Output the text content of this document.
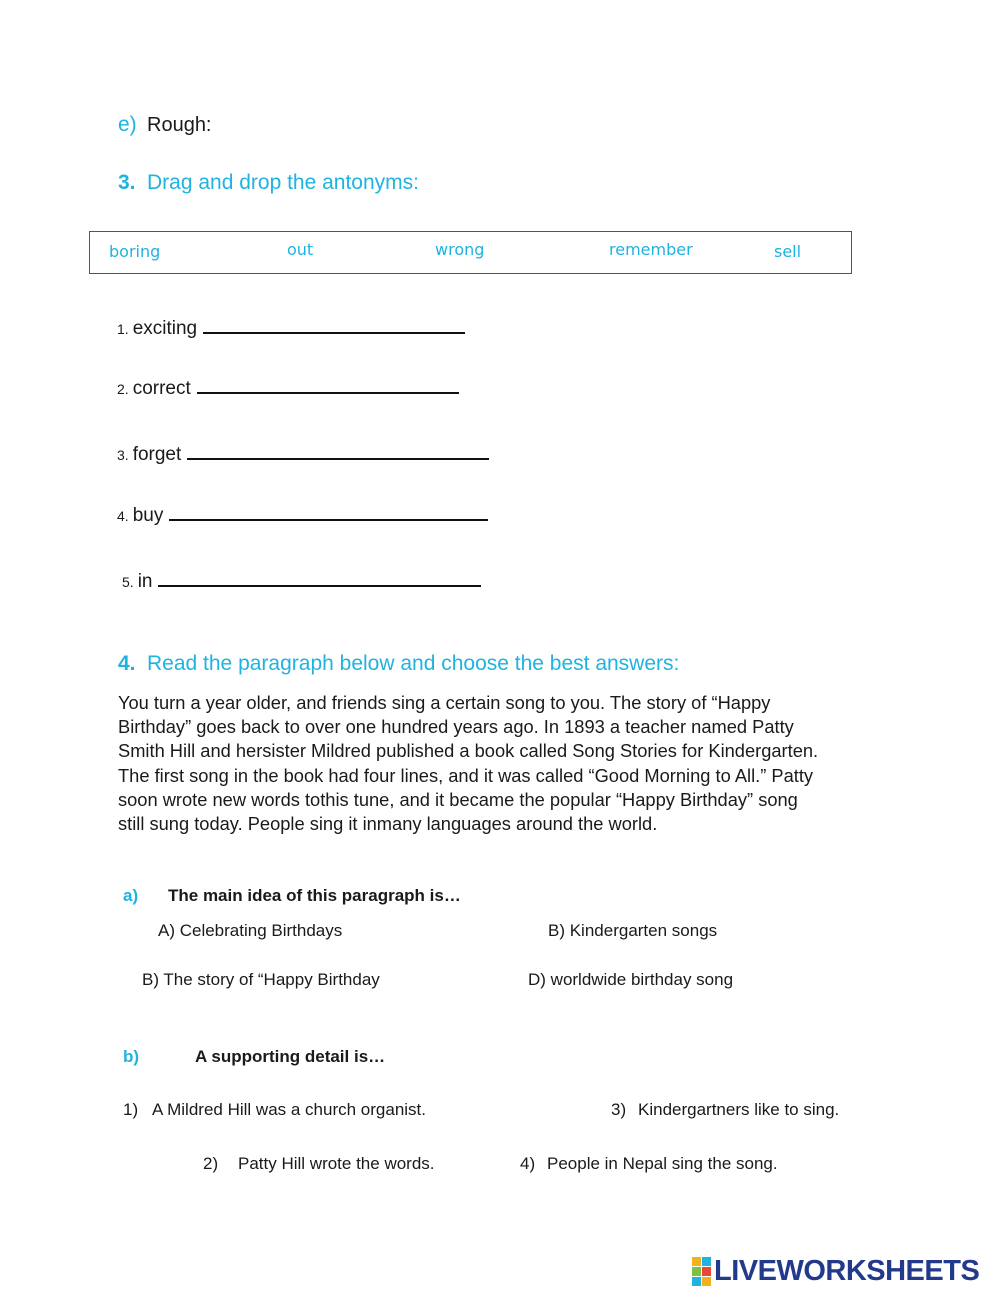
e) Rough:
3. Drag and drop the antonyms:
boring	out	wrong	remember	sell
1. exciting
2. correct
3. forget
4. buy
5. in
4. Read the paragraph below and choose the best answers:
You turn a year older, and friends sing a certain song to you. The story of “Happy
Birthday” goes back to over one hundred years ago. In 1893 a teacher named Patty
Smith Hill and hersister Mildred published a book called Song Stories for Kindergarten.
The first song in the book had four lines, and it was called “Good Morning to All.” Patty
soon wrote new words tothis tune, and it became the popular “Happy Birthday” song
still sung today. People sing it inmany languages around the world.
a) The main idea of this paragraph is…
A) Celebrating Birthdays	B) Kindergarten songs
B) The story of “Happy Birthday	D) worldwide birthday song
b)	A supporting detail is…
1) A Mildred Hill was a church organist.	3) Kindergartners like to sing.
2) Patty Hill wrote the words.	4) People in Nepal sing the song.
LIVEWORKSHEETS
